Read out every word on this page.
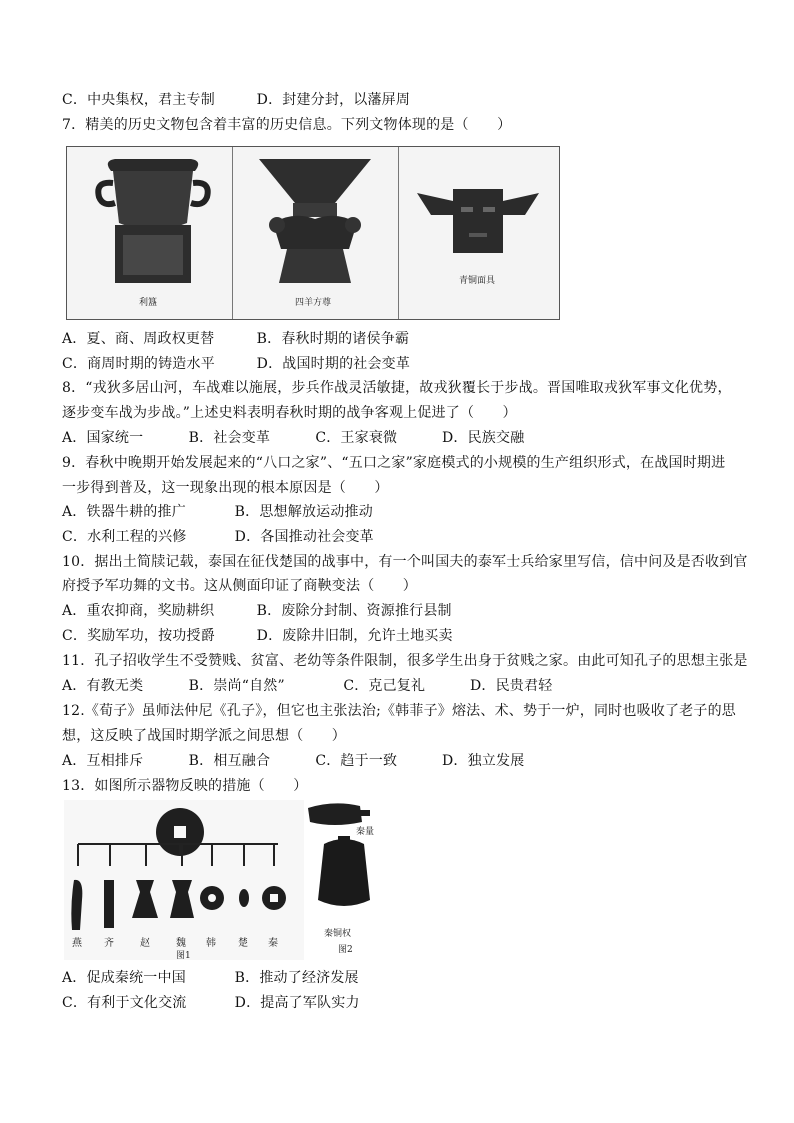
C．中央集权，君主专制	D．封建分封，以藩屏周
7．精美的历史文物包含着丰富的历史信息。下列文物体现的是（　　）
利簋	四羊方尊
青铜面具
A．夏、商、周政权更替	B．春秋时期的诸侯争霸
C．商周时期的铸造水平	D．战国时期的社会变革
8．“戎狄多居山河，车战难以施展，步兵作战灵活敏捷，故戎狄覆长于步战。晋国唯取戎狄军事文化优势，
逐步变车战为步战。”上述史料表明春秋时期的战争客观上促进了（　　）
A．国家统一	B．社会变革	C．王家衰微	D．民族交融
9．春秋中晚期开始发展起来的“八口之家”、“五口之家”家庭模式的小规模的生产组织形式，在战国时期进
一步得到普及，这一现象出现的根本原因是（　　）
A．铁器牛耕的推广	B．思想解放运动推动
C．水利工程的兴修	D．各国推动社会变革
10．据出土简牍记载，泰国在征伐楚国的战事中，有一个叫国夫的泰军士兵给家里写信，信中问及是否收到官
府授予军功舞的文书。这从侧面印证了商鞅变法（　　）
A．重农抑商，奖励耕织	B．废除分封制、资源推行县制
C．奖励军功，按功授爵	D．废除井旧制，允许土地买卖
11．孔子招收学生不受赞贱、贫富、老幼等条件限制，很多学生出身于贫贱之家。由此可知孔子的思想主张是
A．有教无类	B．崇尚“自然”	C．克己复礼	D．民贵君轻
12.《荀子》虽师法仲尼《孔子》，但它也主张法治;《韩菲子》熔法、术、势于一炉，同时也吸收了老子的思
想，这反映了战国时期学派之间思想（　　）
A．互相排斥	B．相互融合	C．趋于一致	D．独立发展
13．如图所示器物反映的措施（　　）
燕 齐	赵	魏 韩 楚 秦
图1
秦量
秦铜权
图2
A．促成秦统一中国	B．推动了经济发展
C．有利于文化交流	D．提高了军队实力
